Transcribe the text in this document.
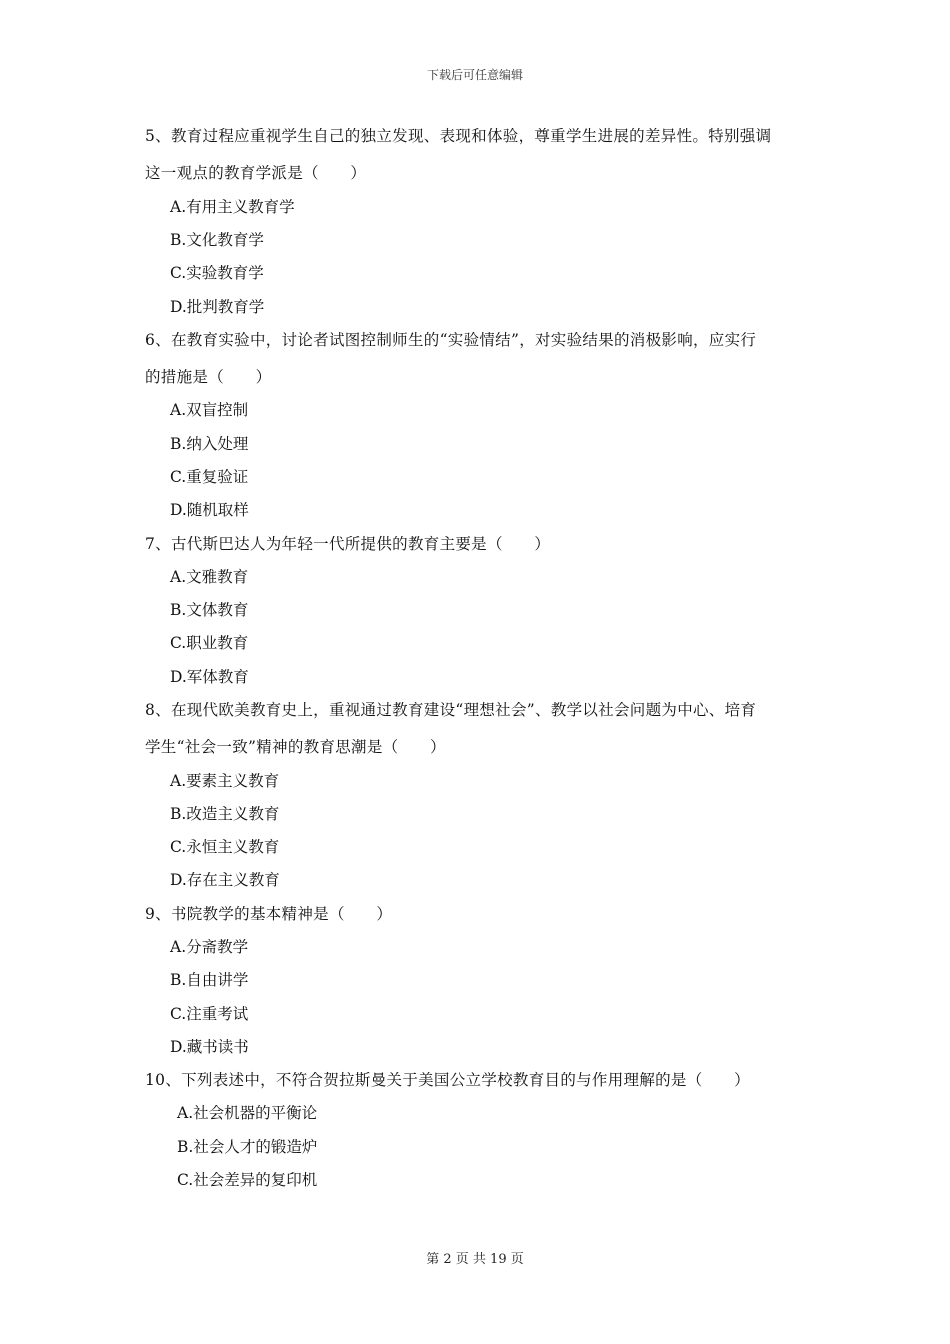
下载后可任意编辑
5、教育过程应重视学生自己的独立发现、表现和体验，尊重学生进展的差异性。特别强调
这一观点的教育学派是（　　）
A.有用主义教育学
B.文化教育学
C.实验教育学
D.批判教育学
6、在教育实验中，讨论者试图控制师生的“实验情结”，对实验结果的消极影响，应实行
的措施是（　　）
A.双盲控制
B.纳入处理
C.重复验证
D.随机取样
7、古代斯巴达人为年轻一代所提供的教育主要是（　　）
A.文雅教育
B.文体教育
C.职业教育
D.军体教育
8、在现代欧美教育史上，重视通过教育建设“理想社会”、教学以社会问题为中心、培育
学生“社会一致”精神的教育思潮是（　　）
A.要素主义教育
B.改造主义教育
C.永恒主义教育
D.存在主义教育
9、书院教学的基本精神是（　　）
A.分斋教学
B.自由讲学
C.注重考试
D.藏书读书
10、下列表述中，不符合贺拉斯曼关于美国公立学校教育目的与作用理解的是（　　）
A.社会机器的平衡论
B.社会人才的锻造炉
C.社会差异的复印机
第 2 页 共 19 页
